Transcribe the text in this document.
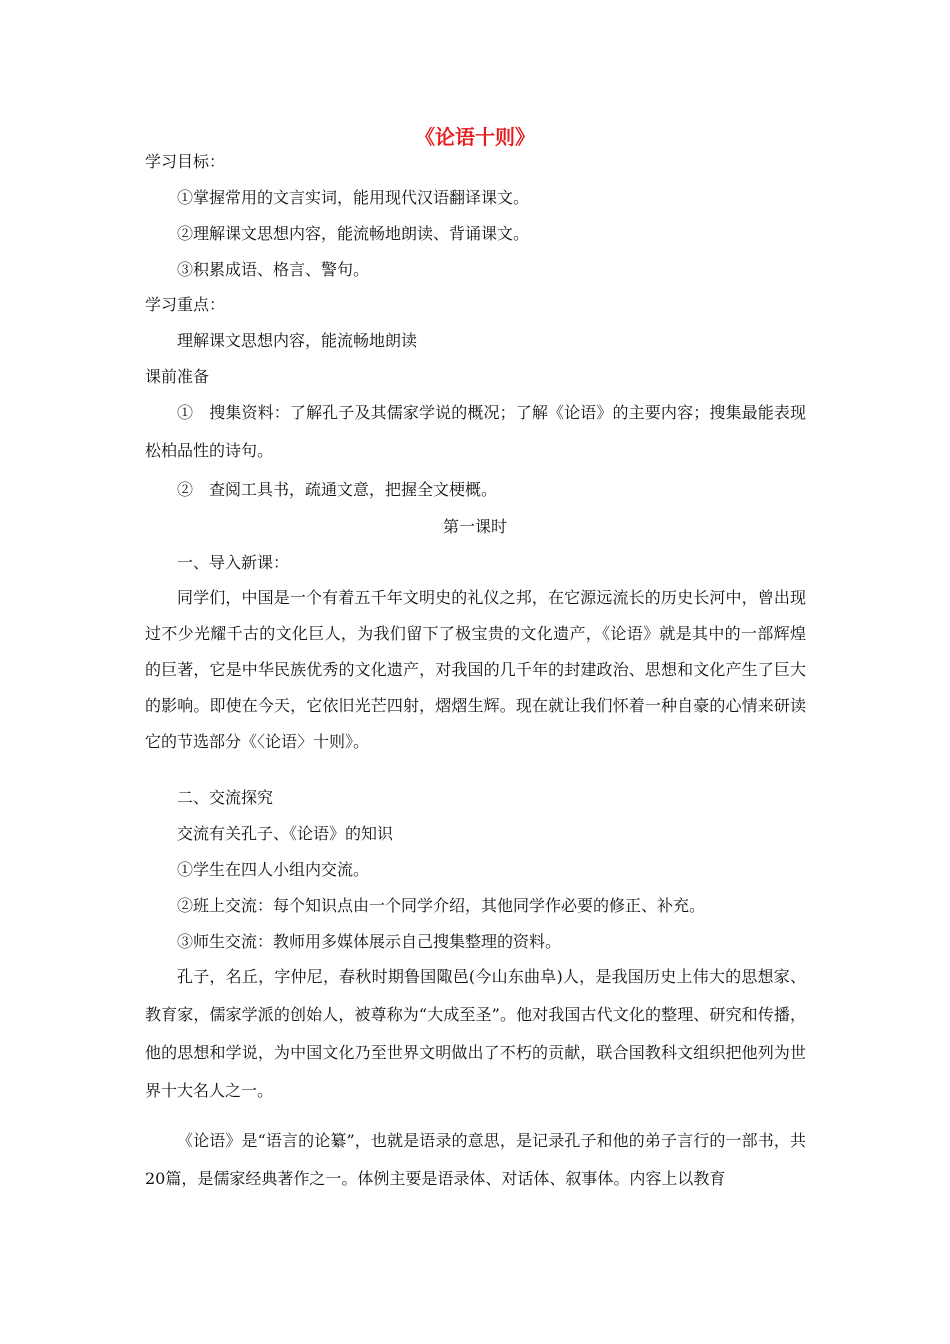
《论语十则》

学习目标：

①掌握常用的文言实词，能用现代汉语翻译课文。

②理解课文思想内容，能流畅地朗读、背诵课文。

③积累成语、格言、警句。

学习重点：

理解课文思想内容，能流畅地朗读

课前准备

①　搜集资料：了解孔子及其儒家学说的概况；了解《论语》的主要内容；搜集最能表现松柏品性的诗句。

②　查阅工具书，疏通文意，把握全文梗概。

第一课时

一、导入新课：

同学们，中国是一个有着五千年文明史的礼仪之邦，在它源远流长的历史长河中，曾出现过不少光耀千古的文化巨人，为我们留下了极宝贵的文化遗产，《论语》就是其中的一部辉煌的巨著，它是中华民族优秀的文化遗产，对我国的几千年的封建政治、思想和文化产生了巨大的影响。即使在今天，它依旧光芒四射，熠熠生辉。现在就让我们怀着一种自豪的心情来研读它的节选部分《〈论语〉十则》。

二、交流探究

交流有关孔子、《论语》的知识

①学生在四人小组内交流。

②班上交流：每个知识点由一个同学介绍，其他同学作必要的修正、补充。

③师生交流：教师用多媒体展示自己搜集整理的资料。

孔子，名丘，字仲尼，春秋时期鲁国陬邑(今山东曲阜)人，是我国历史上伟大的思想家、教育家，儒家学派的创始人，被尊称为“大成至圣”。他对我国古代文化的整理、研究和传播，他的思想和学说，为中国文化乃至世界文明做出了不朽的贡献，联合国教科文组织把他列为世界十大名人之一。

《论语》是“语言的论纂”，也就是语录的意思，是记录孔子和他的弟子言行的一部书，共20篇，是儒家经典著作之一。体例主要是语录体、对话体、叙事体。内容上以教育
